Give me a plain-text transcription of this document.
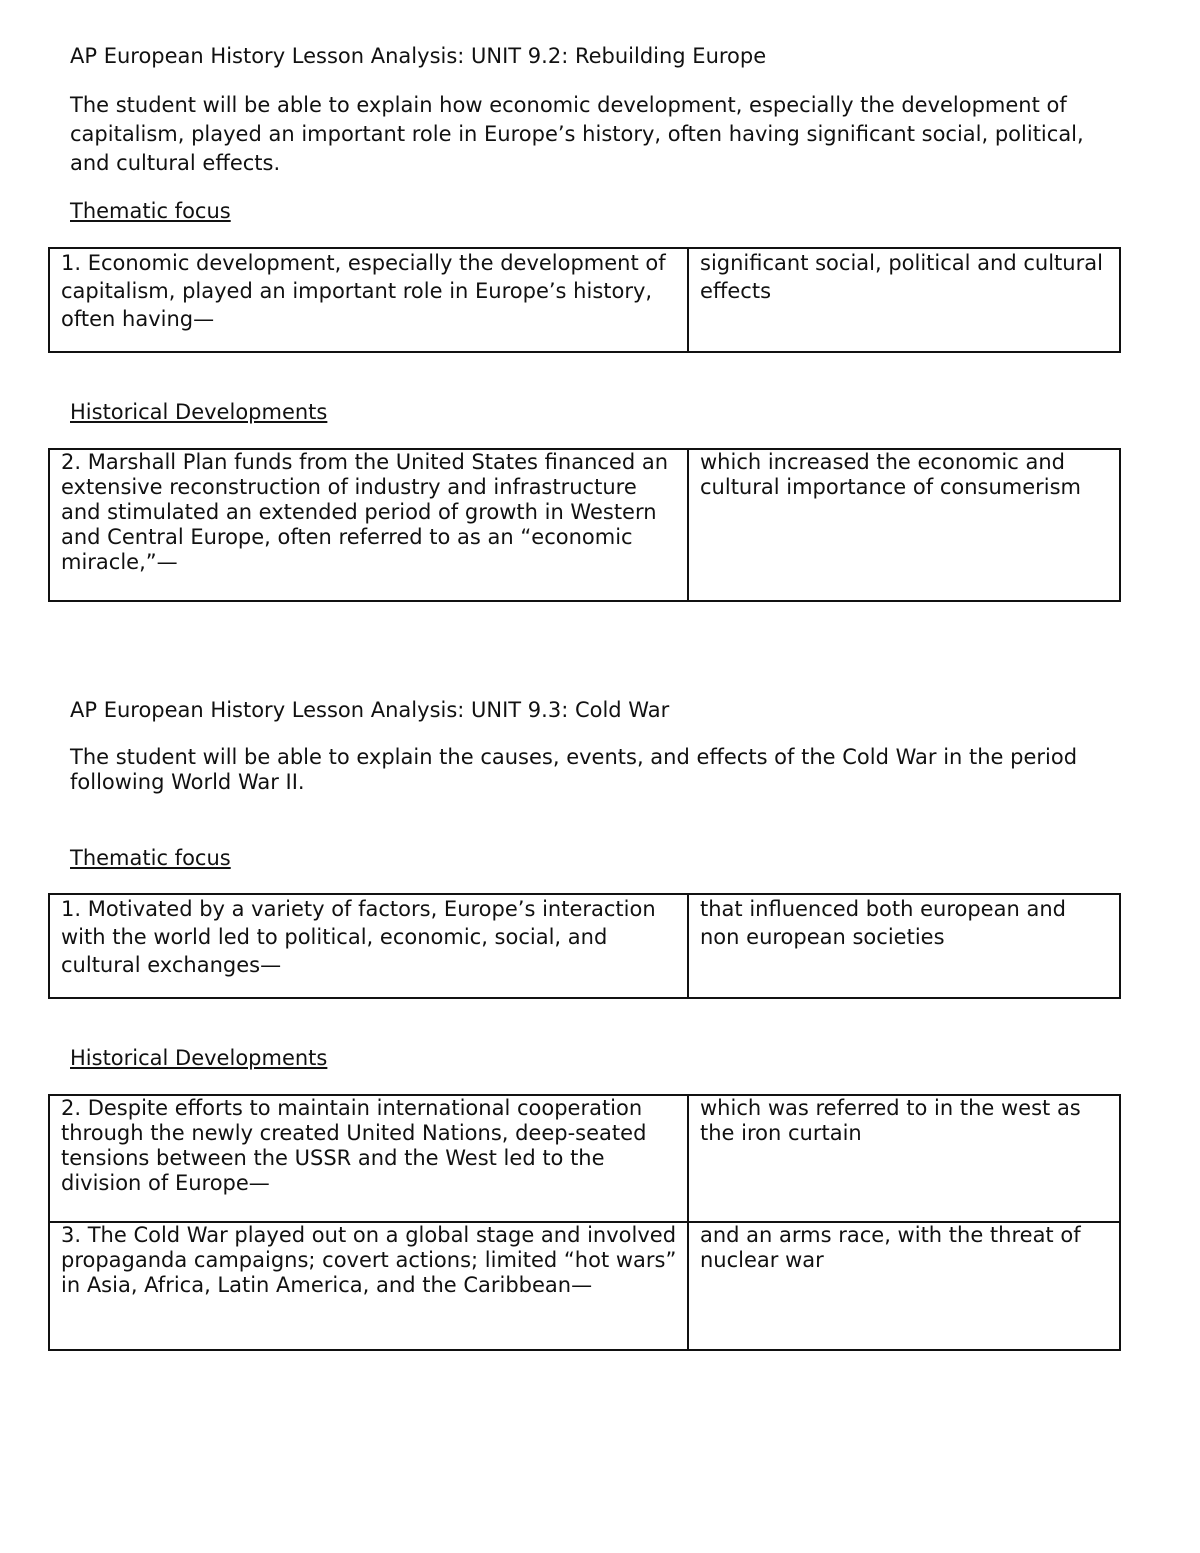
AP European History Lesson Analysis: UNIT 9.2: Rebuilding Europe

The student will be able to explain how economic development, especially the development of capitalism, played an important role in Europe’s history, often having significant social, political, and cultural effects.

Thematic focus

1. Economic development, especially the development of capitalism, played an important role in Europe’s history, often having—	significant social, political and cultural effects

Historical Developments

2. Marshall Plan funds from the United States financed an extensive reconstruction of industry and infrastructure and stimulated an extended period of growth in Western and Central Europe, often referred to as an “economic miracle,”—	which increased the economic and cultural importance of consumerism

AP European History Lesson Analysis: UNIT 9.3: Cold War

The student will be able to explain the causes, events, and effects of the Cold War in the period following World War II.

Thematic focus

1. Motivated by a variety of factors, Europe’s interaction with the world led to political, economic, social, and cultural exchanges—	that influenced both european and non european societies

Historical Developments

2. Despite efforts to maintain international cooperation through the newly created United Nations, deep-seated tensions between the USSR and the West led to the division of Europe—	which was referred to in the west as the iron curtain
3. The Cold War played out on a global stage and involved propaganda campaigns; covert actions; limited “hot wars” in Asia, Africa, Latin America, and the Caribbean—	and an arms race, with the threat of nuclear war
